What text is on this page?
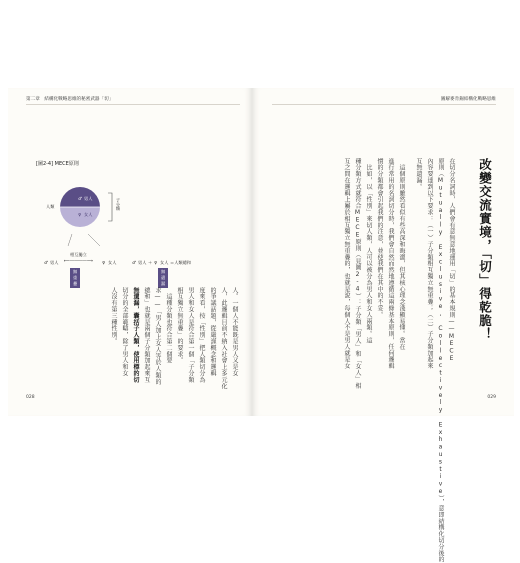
第二章　結構化戰略思維的秘密武器「切」
[圖2-4] MECE原則
♂ 男人
♀ 女人
人類	子分類
♂ 男人
相互獨立
⟵――――⟶ ♀ 女人
無重疊
♂ 男人 ＋ ♀ 女人 ＝人類總和
無遺漏
人。一個人不能既是男人又是女
人，此邏輯目前不納入社會上多元化
的爭議話題，從嚴謹概念和邏輯
度來看，按「性別」把人類切分為
男人和女人是符合第一個「子分類
相互獨立無重疊」的要求。
　這種分類也符合第二個要
求——「男人加上女人等於人類的
總和」也就是兩個子分類加起來互
無遺漏，囊括子人類，使用標的切
切分的全部範疇，除了男人和女
人沒有第三種性別。
028
圖解麥肯錫結構化戰略思維
改變交流實境，「切」得乾脆！
在切分名詞時，人們會有意無意地運用「切」的基本規則——MECE
原則（Mutually Exclusive, Collectively Exhaustive），意即結構化切分後的
內容要達到以下要求：（一）子分類相互獨立無重疊；（二）子分類加起來
互無遺漏。
　這個原則雖然看似有些高深和晦澀，但其核心理念淺顯易懂。當在
進行常用的名詞切分時，我們會自然而然地遵循這兩條基本原則，任何邏輯
慣的分類都會引起我們的注意，並使我們在其中的不妥。
　比如，以「性別」來切人類，人可以被分為男人和女人兩類。這
種分類方式就符合MECE原則（見圖2-4）：子分類「男人」和「女人」相
互之間在邏輯上屬於相互獨立無重疊的，也就是說，每個人不是男人就是女
029
